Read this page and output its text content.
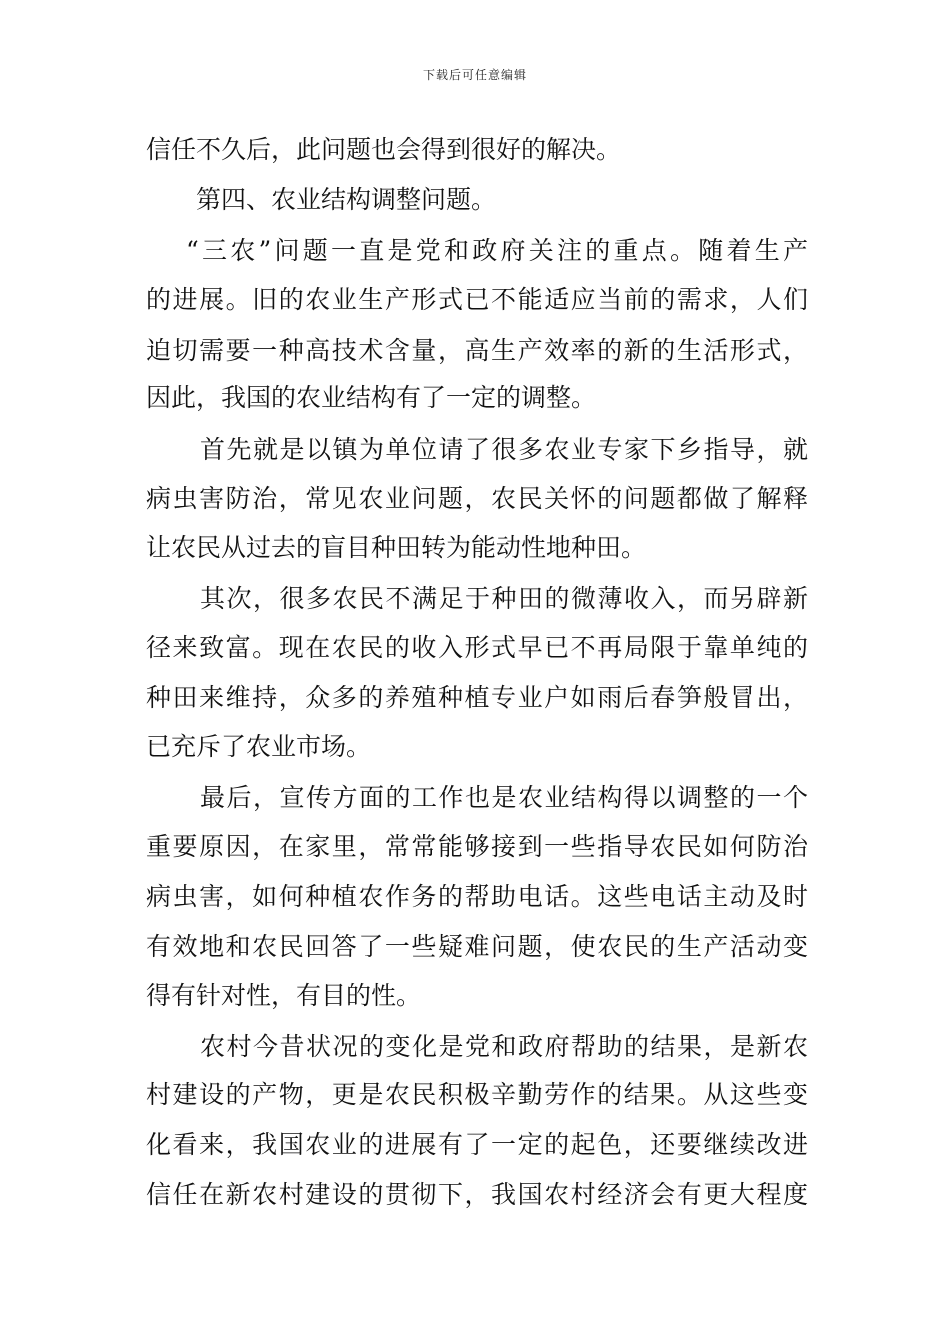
下载后可任意编辑
信任不久后，此问题也会得到很好的解决。
第四、农业结构调整问题。
“三农”问题一直是党和政府关注的重点。随着生产
的进展。旧的农业生产形式已不能适应当前的需求，人们
迫切需要一种高技术含量，高生产效率的新的生活形式，
因此，我国的农业结构有了一定的调整。
首先就是以镇为单位请了很多农业专家下乡指导，就
病虫害防治，常见农业问题，农民关怀的问题都做了解释
让农民从过去的盲目种田转为能动性地种田。
其次，很多农民不满足于种田的微薄收入，而另辟新
径来致富。现在农民的收入形式早已不再局限于靠单纯的
种田来维持，众多的养殖种植专业户如雨后春笋般冒出，
已充斥了农业市场。
最后，宣传方面的工作也是农业结构得以调整的一个
重要原因，在家里，常常能够接到一些指导农民如何防治
病虫害，如何种植农作务的帮助电话。这些电话主动及时
有效地和农民回答了一些疑难问题，使农民的生产活动变
得有针对性，有目的性。
农村今昔状况的变化是党和政府帮助的结果，是新农
村建设的产物，更是农民积极辛勤劳作的结果。从这些变
化看来，我国农业的进展有了一定的起色，还要继续改进
信任在新农村建设的贯彻下，我国农村经济会有更大程度
